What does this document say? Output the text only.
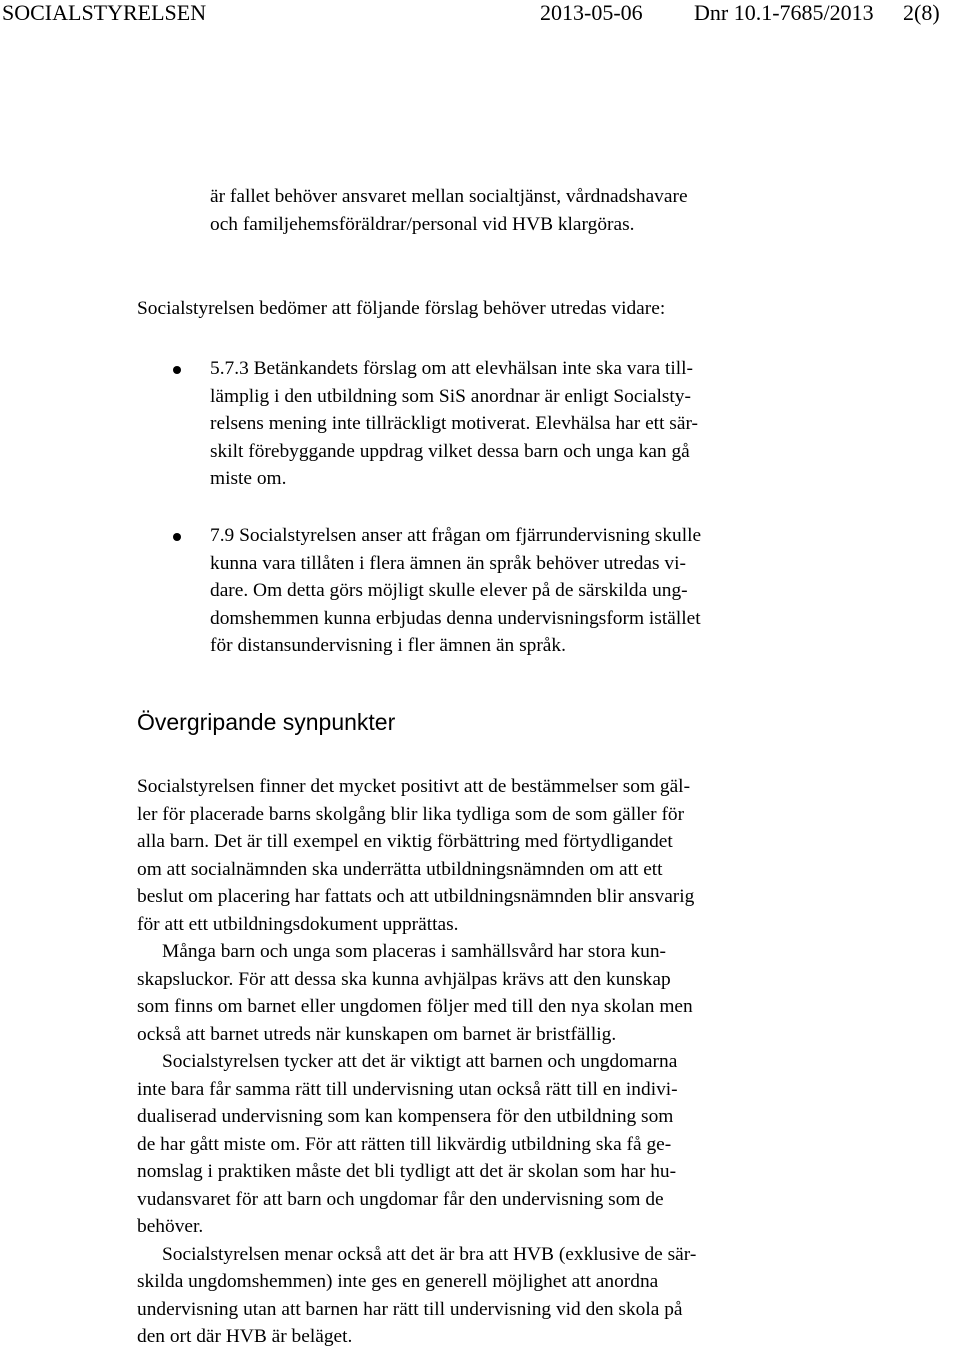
SOCIALSTYRELSEN	2013-05-06 Dnr 10.1-7685/2013 2(8)
är fallet behöver ansvaret mellan socialtjänst, vårdnadshavare
och familjehemsföräldrar/personal vid HVB klargöras.
Socialstyrelsen bedömer att följande förslag behöver utredas vidare:
5.7.3 Betänkandets förslag om att elevhälsan inte ska vara till-
lämplig i den utbildning som SiS anordnar är enligt Socialsty-
relsens mening inte tillräckligt motiverat. Elevhälsa har ett sär-
skilt förebyggande uppdrag vilket dessa barn och unga kan gå
miste om.
7.9 Socialstyrelsen anser att frågan om fjärrundervisning skulle
kunna vara tillåten i flera ämnen än språk behöver utredas vi-
dare. Om detta görs möjligt skulle elever på de särskilda ung-
domshemmen kunna erbjudas denna undervisningsform istället
för distansundervisning i fler ämnen än språk.
Övergripande synpunkter
Socialstyrelsen finner det mycket positivt att de bestämmelser som gäl-
ler för placerade barns skolgång blir lika tydliga som de som gäller för
alla barn. Det är till exempel en viktig förbättring med förtydligandet
om att socialnämnden ska underrätta utbildningsnämnden om att ett
beslut om placering har fattats och att utbildningsnämnden blir ansvarig
för att ett utbildningsdokument upprättas.
Många barn och unga som placeras i samhällsvård har stora kun-
skapsluckor. För att dessa ska kunna avhjälpas krävs att den kunskap
som finns om barnet eller ungdomen följer med till den nya skolan men
också att barnet utreds när kunskapen om barnet är bristfällig.
Socialstyrelsen tycker att det är viktigt att barnen och ungdomarna
inte bara får samma rätt till undervisning utan också rätt till en indivi-
dualiserad undervisning som kan kompensera för den utbildning som
de har gått miste om. För att rätten till likvärdig utbildning ska få ge-
nomslag i praktiken måste det bli tydligt att det är skolan som har hu-
vudansvaret för att barn och ungdomar får den undervisning som de
behöver.
Socialstyrelsen menar också att det är bra att HVB (exklusive de sär-
skilda ungdomshemmen) inte ges en generell möjlighet att anordna
undervisning utan att barnen har rätt till undervisning vid den skola på
den ort där HVB är beläget.
